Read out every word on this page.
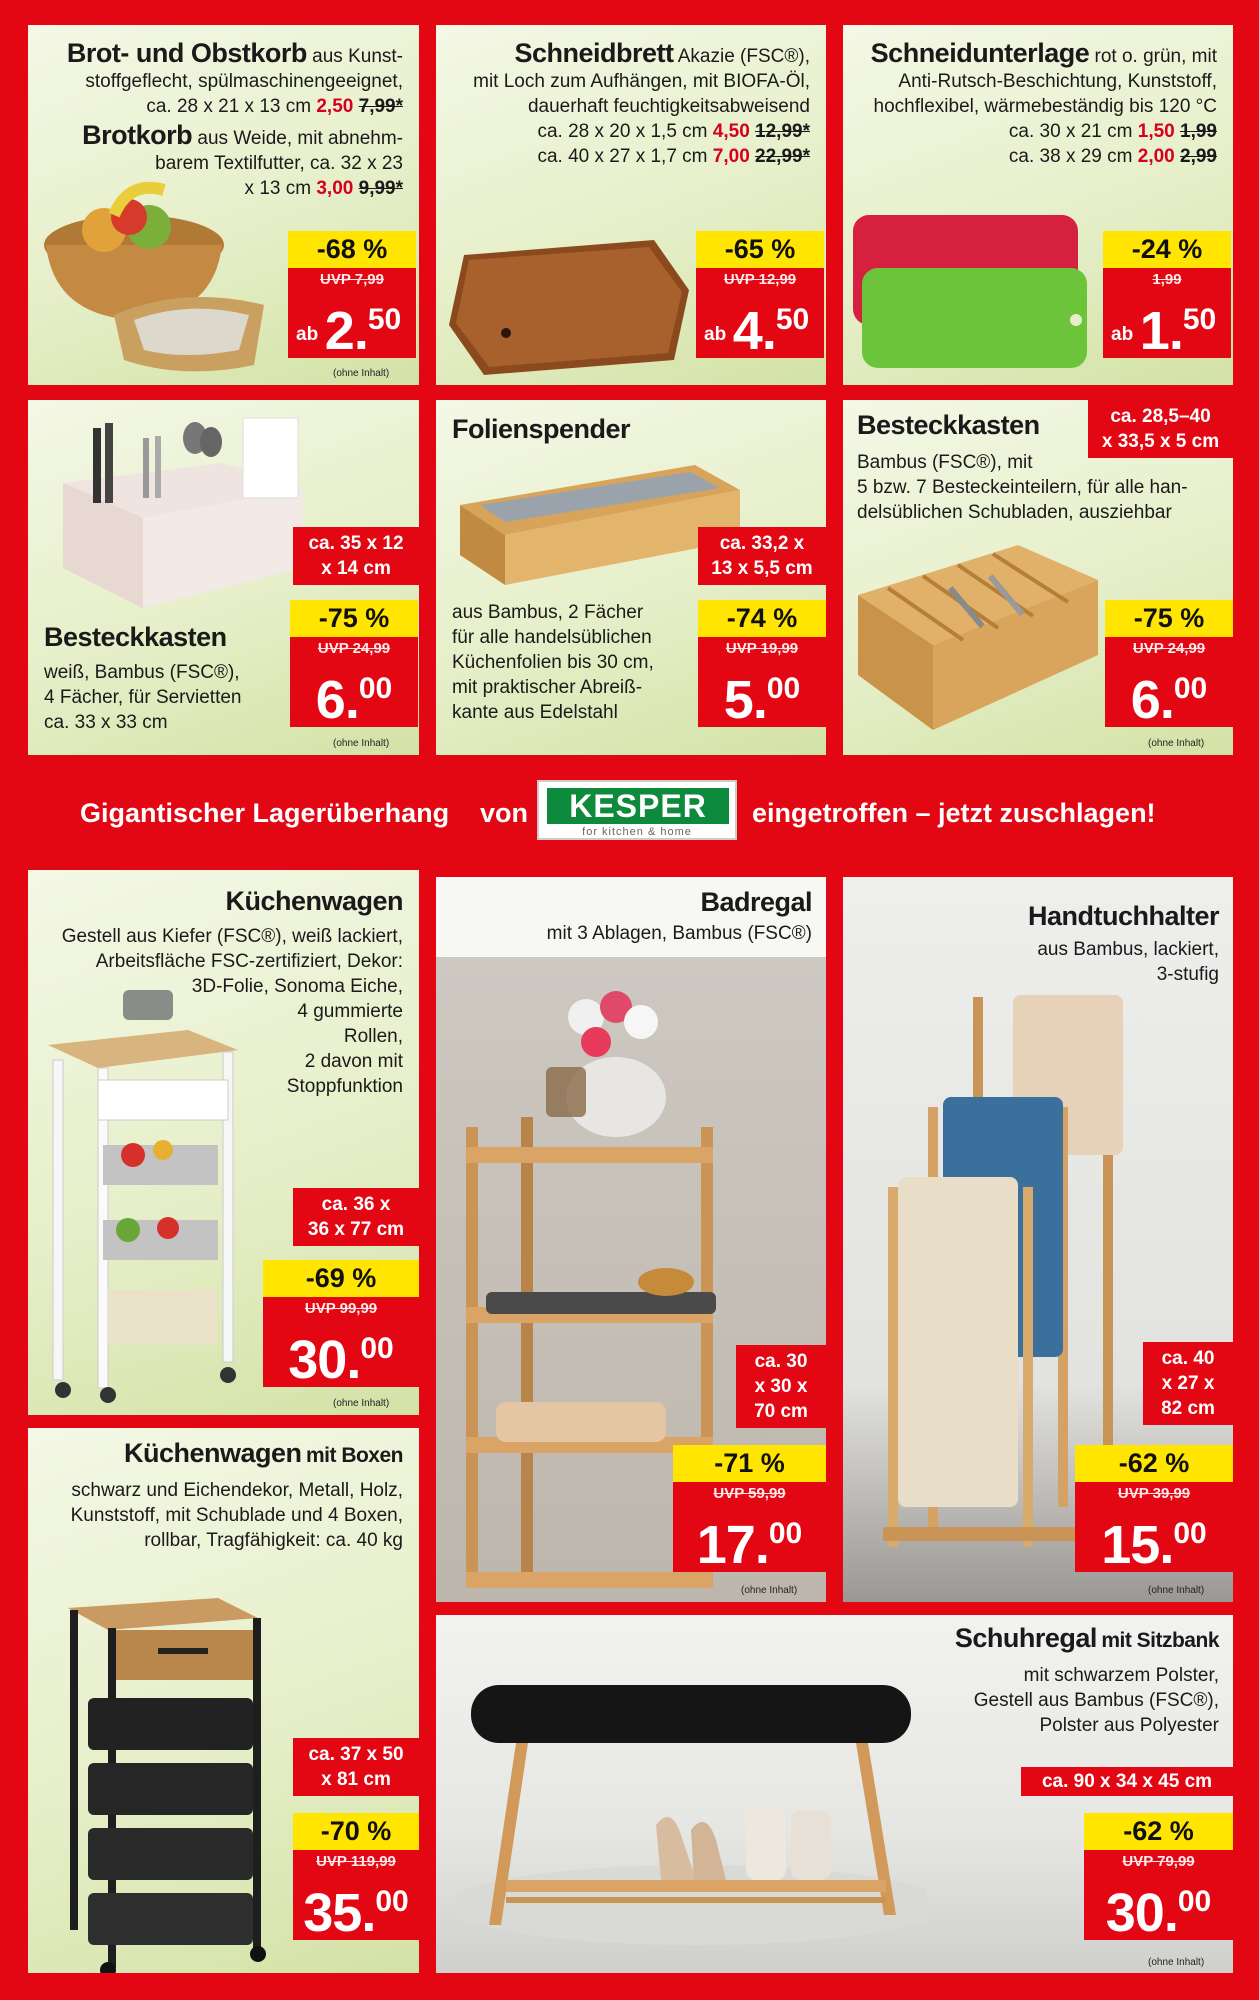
Brot- und Obstkorb aus Kunst-
stoffgeflecht, spülmaschinengeeignet,
ca. 28 x 21 x 13 cm 2,50 7,99*
Brotkorb aus Weide, mit abnehm-
barem Textilfutter, ca. 32 x 23
x 13 cm 3,00 9,99*
-68 %
UVP 7,99
ab 2.50
(ohne Inhalt)
Schneidbrett Akazie (FSC®),
mit Loch zum Aufhängen, mit BIOFA-Öl,
dauerhaft feuchtigkeitsabweisend
ca. 28 x 20 x 1,5 cm 4,50 12,99*
ca. 40 x 27 x 1,7 cm 7,00 22,99*
-65 %
UVP 12,99
ab 4.50
Schneidunterlage rot o. grün, mit
Anti-Rutsch-Beschichtung, Kunststoff,
hochflexibel, wärmebeständig bis 120 °C
ca. 30 x 21 cm 1,50 1,99
ca. 38 x 29 cm 2,00 2,99
-24 %
1,99
ab 1.50
Besteckkasten
weiß, Bambus (FSC®),
4 Fächer, für Servietten
ca. 33 x 33 cm
ca. 35 x 12
x 14 cm
-75 %
UVP 24,99
6.00
(ohne Inhalt)
Folienspender
aus Bambus, 2 Fächer
für alle handelsüblichen
Küchenfolien bis 30 cm,
mit praktischer Abreiß-
kante aus Edelstahl
ca. 33,2 x
13 x 5,5 cm
-74 %
UVP 19,99
5.00
Besteckkasten	ca. 28,5–40
x 33,5 x 5 cm
Bambus (FSC®), mit
5 bzw. 7 Besteckeinteilern, für alle han-
delsüblichen Schubladen, ausziehbar
-75 %
UVP 24,99
6.00
(ohne Inhalt)
Gigantischer Lagerüberhang von	eingetroffen – jetzt zuschlagen!
KESPER
for kitchen & home
Küchenwagen
Gestell aus Kiefer (FSC®), weiß lackiert,
Arbeitsfläche FSC-zertifiziert, Dekor:
3D-Folie, Sonoma Eiche,
4 gummierte
Rollen,
2 davon mit
Stoppfunktion
ca. 36 x
36 x 77 cm
-69 %
UVP 99,99
30.00
(ohne Inhalt)
Badregal
mit 3 Ablagen, Bambus (FSC®)
ca. 30
x 30 x
70 cm
-71 %
UVP 59,99
17.00
(ohne Inhalt)
Handtuchhalter
aus Bambus, lackiert,
3-stufig
ca. 40
x 27 x
82 cm
-62 %
UVP 39,99
15.00
(ohne Inhalt)
Küchenwagen mit Boxen
schwarz und Eichendekor, Metall, Holz,
Kunststoff, mit Schublade und 4 Boxen,
rollbar, Tragfähigkeit: ca. 40 kg
ca. 37 x 50
x 81 cm
-70 %
UVP 119,99
35.00
Schuhregal mit Sitzbank
mit schwarzem Polster,
Gestell aus Bambus (FSC®),
Polster aus Polyester
ca. 90 x 34 x 45 cm
-62 %
UVP 79,99
30.00
(ohne Inhalt)
